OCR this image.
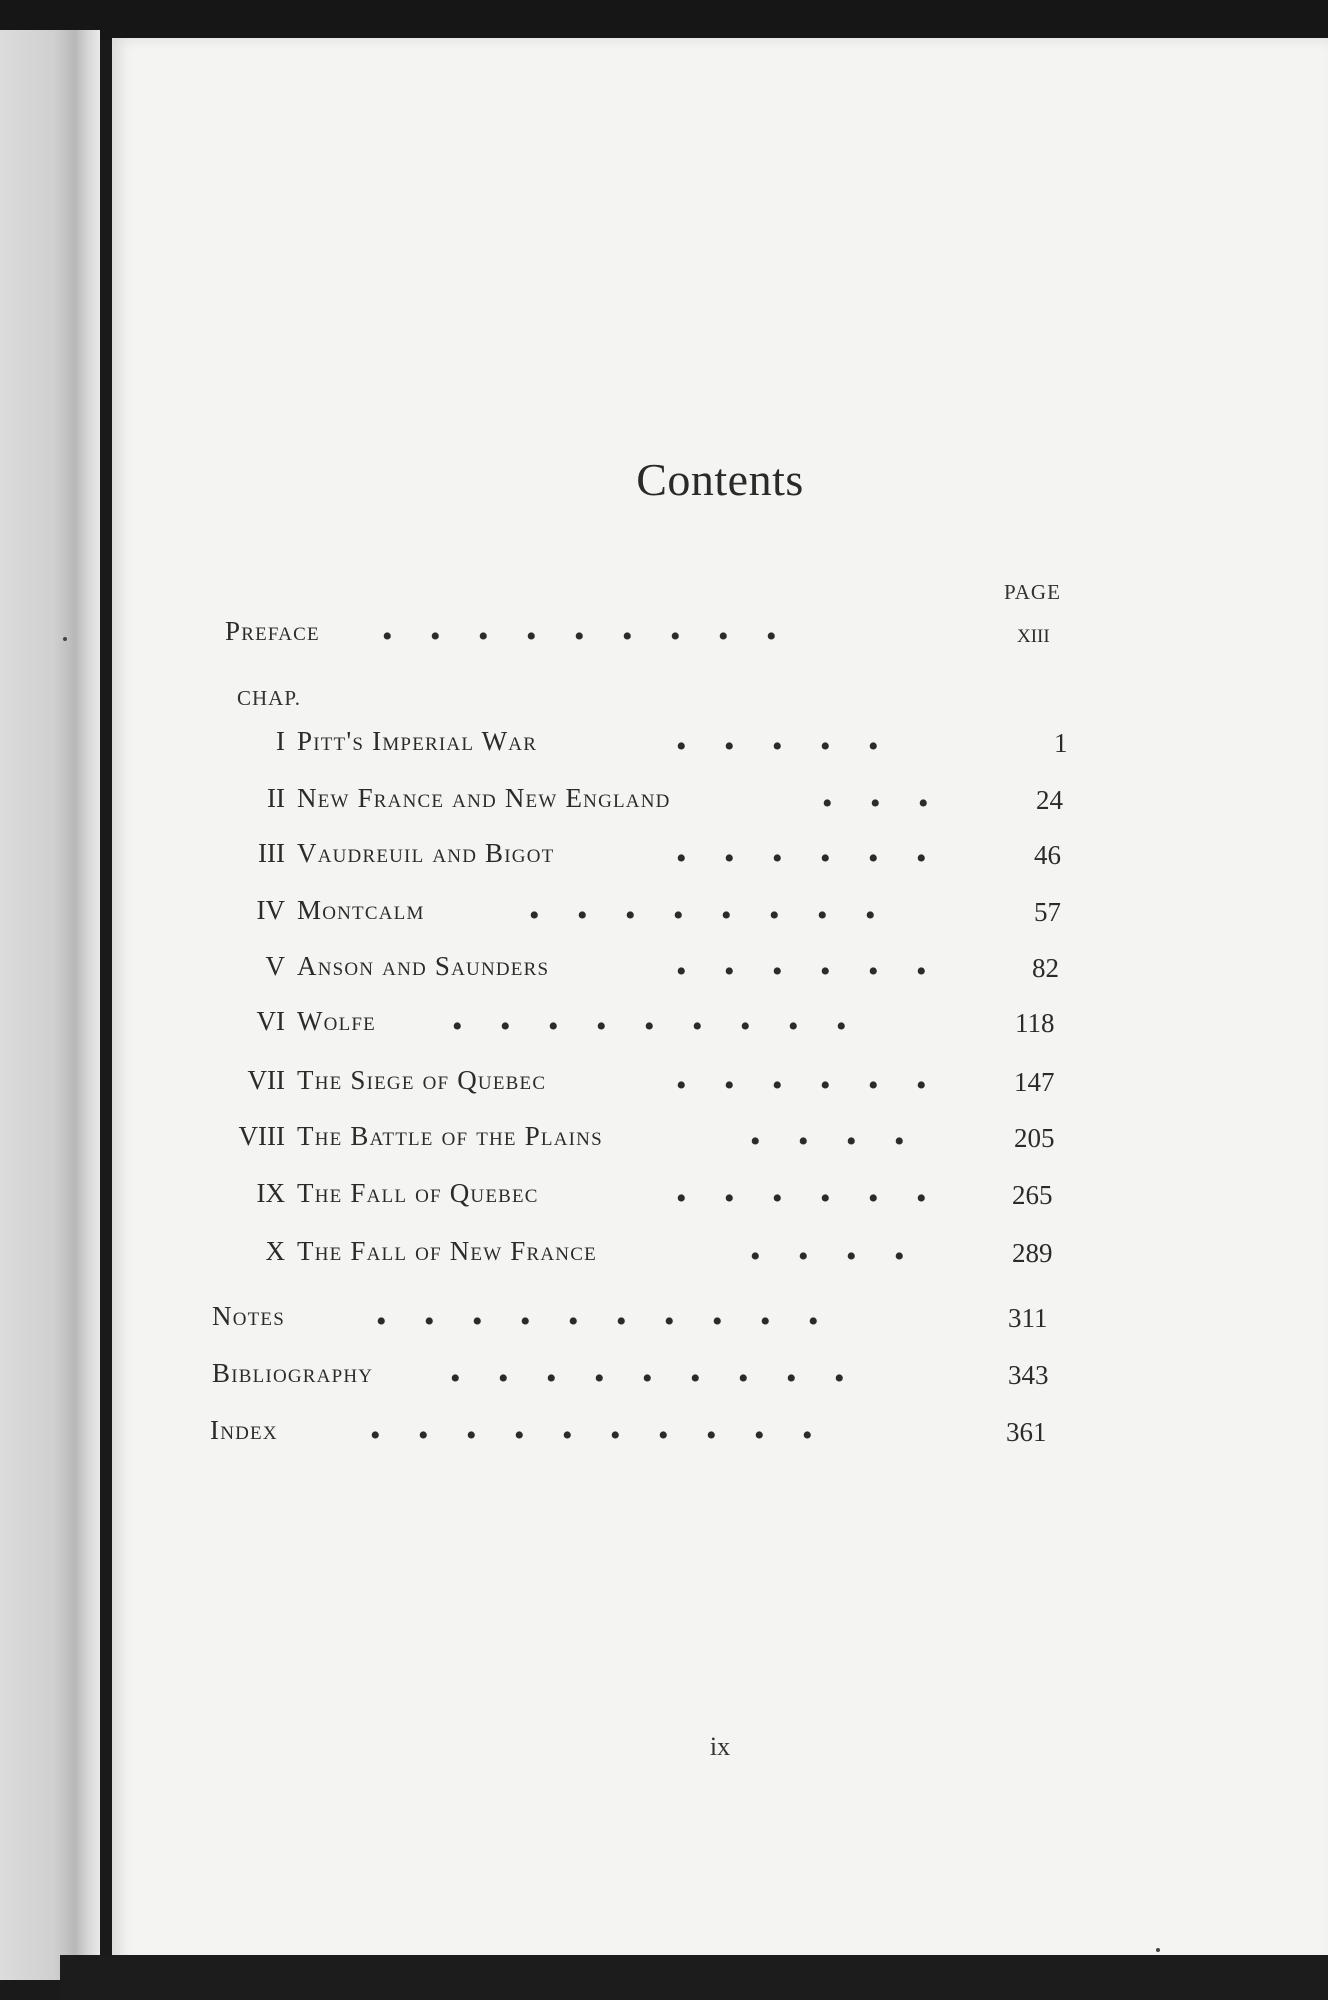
Contents
PAGE
Preface •     •     •     •     •     •     •     •     •	xiii
CHAP.
I Pitt's Imperial War	•     •     •     •     •	1
II New France and New England	•     •     •	24
III Vaudreuil and Bigot	•     •     •     •     •     •	46
IV Montcalm	•     •     •     •     •     •     •     •	57
V Anson and Saunders	•     •     •     •     •     •	82
VI Wolfe	•     •     •     •     •     •     •     •     •	118
VII The Siege of Quebec	•     •     •     •     •     •	147
VIII The Battle of the Plains	•     •     •     •	205
IX The Fall of Quebec	•     •     •     •     •     •	265
X The Fall of New France	•     •     •     •	289
Notes	•     •     •     •     •     •     •     •     •     •	311
Bibliography	•     •     •     •     •     •     •     •     •	343
Index	•     •     •     •     •     •     •     •     •     •	361
ix
